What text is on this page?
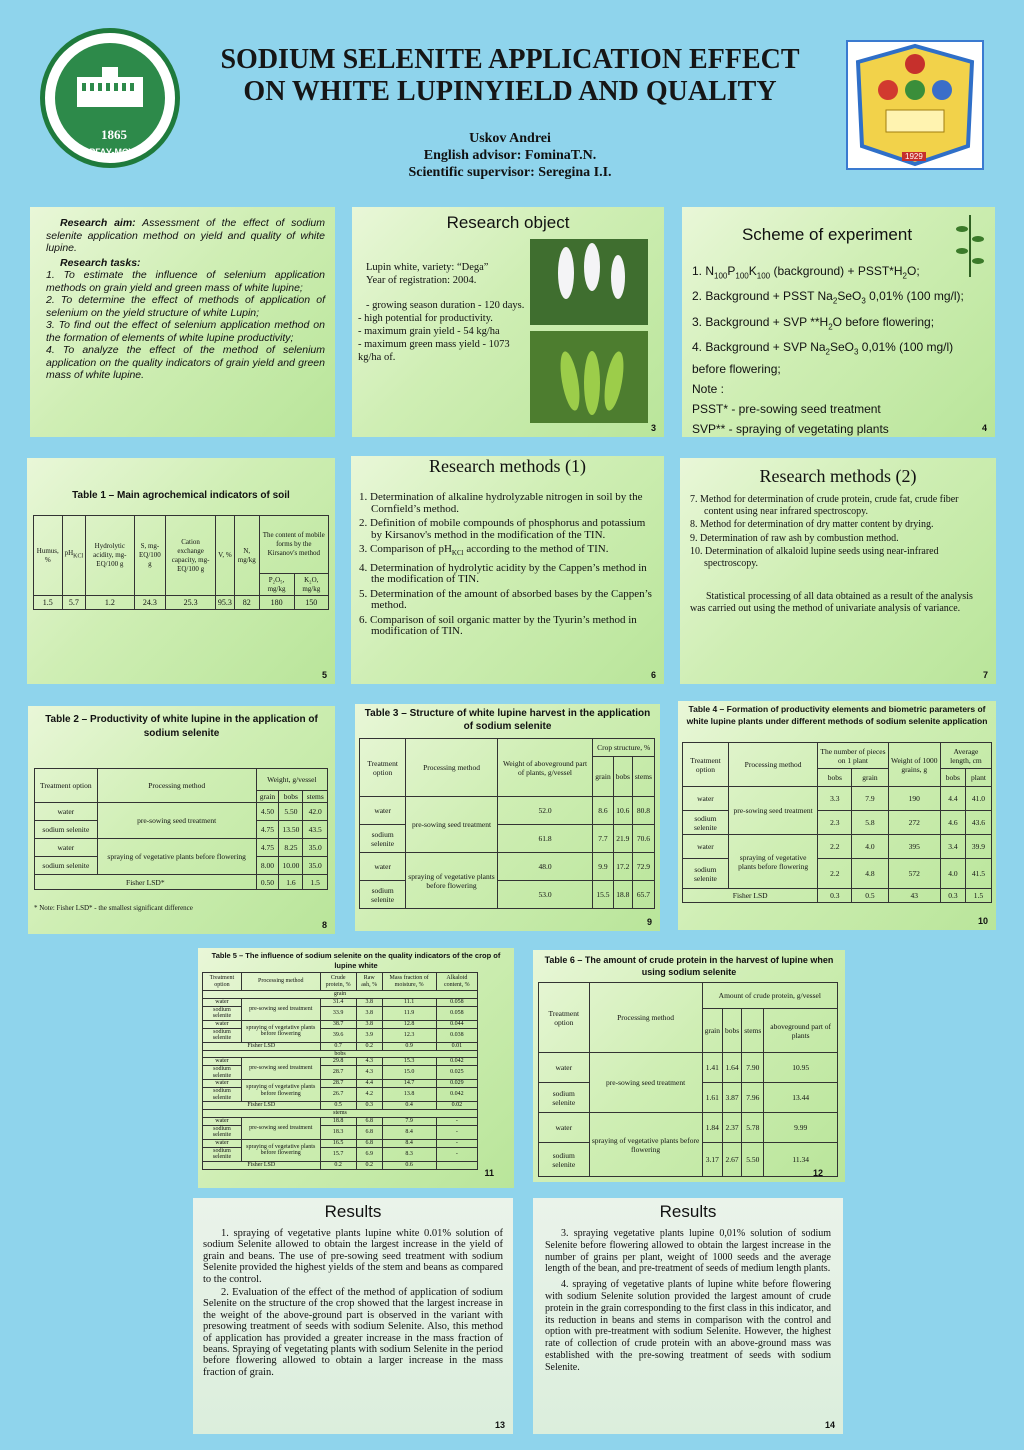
1865
РГАУ-МСХА
SODIUM SELENITE APPLICATION EFFECT
ON WHITE LUPINYIELD AND QUALITY
Uskov Andrei
English advisor: FominaT.N.
Scientific supervisor: Seregina I.I.
1929
Research aim: Assessment of the effect of sodium selenite application method on yield and quality of white lupine.
Research tasks:
1. To estimate the influence of selenium application methods on grain yield and green mass of white lupine;
2. To determine the effect of methods of application of selenium on the yield structure of white Lupin;
3. To find out the effect of selenium application method on the formation of elements of white lupine productivity;
4. To analyze the effect of the method of selenium application on the quality indicators of grain yield and green mass of white lupine.
Research object
Lupin white, variety: “Dega”
Year of registration: 2004.
- growing season duration - 120 days.
- high potential for productivity.
- maximum grain yield - 54 kg/ha
- maximum green mass yield - 1073 kg/ha of.
3
Scheme of experiment
1. $N_{100}P_{100}K_{100}$ (background) + $PSST*H_2O$;
2. Background + PSST $Na_2SeO_3$ 0,01% (100 mg/l);
3. Background + SVP $**H_2O$ before flowering;
4. Background + SVP $Na_2SeO_3$ 0,01% (100 mg/l) before flowering;
Note :
PSST* - pre-sowing seed treatment
SVP** - spraying of vegetating plants	4
Table 1 – Main agrochemical indicators of soil
Humus, %	$pH_{KCl}$	Hydrolytic acidity, mg-EQ/100 g	S, mg-EQ/100 g	Cation exchange capacity, mg-EQ/100 g	V, %	N, mg/kg	The content of mobile forms by the Kirsanov's method	
							P₂O₅, mg/kg	K₂O, mg/kg
1.5	5.7	1.2	24.3	25.3	95.3	82	180	150
5
Research methods (1)
1. Determination of alkaline hydrolyzable nitrogen in soil by the Cornfield’s method.
2. Definition of mobile compounds of phosphorus and potassium by Kirsanov's method in the modification of the TIN.
3. Comparison of $pH_{KCl}$ according to the method of TIN.
4. Determination of hydrolytic acidity by the Cappen’s method in the modification of TIN.
5. Determination of the amount of absorbed bases by the Cappen’s method.
6. Comparison of soil organic matter by the Tyurin’s method in modification of TIN.
6
Research methods (2)
7. Method for determination of crude protein, crude fat, crude fiber content using near infrared spectroscopy.
8. Method for determination of dry matter content by drying.
9. Determination of raw ash by combustion method.
10. Determination of alkaloid lupine seeds using near-infrared spectroscopy.
Statistical processing of all data obtained as a result of the analysis was carried out using the method of univariate analysis of variance.
7
Table 2 – Productivity of white lupine in the application of sodium selenite
Treatment option	Processing method	Weight, g/vessel		
		grain	bobs	stems
water	pre-sowing seed treatment	4.50	5.50	42.0
sodium selenite		4.75	13.50	43.5
water	spraying of vegetative plants before flowering	4.75	8.25	35.0
sodium selenite		8.00	10.00	35.0
Fisher LSD*		0.50	1.6	1.5
* Note: Fisher LSD* - the smallest significant difference
8
Table 3 – Structure of white lupine harvest in the application of sodium selenite
Treatment option	Processing method	Weight of aboveground part of plants, g/vessel	Crop structure, %		
			grain	bobs	stems
water	pre-sowing seed treatment	52.0	8.6	10.6	80.8
sodium selenite		61.8	7.7	21.9	70.6
water	spraying of vegetative plants before flowering	48.0	9.9	17.2	72.9
sodium selenite		53.0	15.5	18.8	65.7
9
Table 4 – Formation of productivity elements and biometric parameters of white lupine plants under different methods of sodium selenite application
Treatment option	Processing method	The number of pieces on 1 plant		Weight of 1000 grains, g	Average length, cm	
		bobs	grain		bobs	plant
water	pre-sowing seed treatment	3.3	7.9	190	4.4	41.0
sodium selenite		2.3	5.8	272	4.6	43.6
water	spraying of vegetative plants before flowering	2.2	4.0	395	3.4	39.9
sodium selenite		2.2	4.8	572	4.0	41.5
Fisher LSD		0.3	0.5	43	0.3	1.5
10
Table 5 – The influence of sodium selenite on the quality indicators of the crop of lupine white
Treatment option	Processing method	Crude protein, %	Raw ash, %	Mass fraction of moisture, %	Alkaloid content, %
grain					
water	pre-sowing seed treatment	31.4	3.8	11.1	0.058
sodium selenite		33.9	3.8	11.9	0.058
water	spraying of vegetative plants before flowering	38.7	3.8	12.8	0.044
sodium selenite		39.6	3.9	12.3	0.038
Fisher LSD		0.7	0.2	0.9	0.01
bobs					
water	pre-sowing seed treatment	29.8	4.3	15.3	0.042
sodium selenite		28.7	4.3	15.0	0.025
water	spraying of vegetative plants before flowering	28.7	4.4	14.7	0.029
sodium selenite		26.7	4.2	13.8	0.042
Fisher LSD		0.5	0.3	0.4	0.02
stems					
water	pre-sowing seed treatment	18.8	6.8	7.9	-
sodium selenite		18.3	6.8	8.4	-
water	spraying of vegetative plants before flowering	16.5	6.8	8.4	-
sodium selenite		15.7	6.9	8.3	-
Fisher LSD		0.2	0.2	0.6	
11
Table 6 – The amount of crude protein in the harvest of lupine when using sodium selenite
Treatment option	Processing method	Amount of crude protein, g/vessel			
		grain	bobs	stems	aboveground part of plants
water	pre-sowing seed treatment	1.41	1.64	7.90	10.95
sodium selenite		1.61	3.87	7.96	13.44
water	spraying of vegetative plants before flowering	1.84	2.37	5.78	9.99
sodium selenite		3.17	2.67	5.50	11.34
12
Results
1. spraying of vegetative plants lupine white 0.01% solution of sodium Selenite allowed to obtain the largest increase in the yield of grain and beans. The use of pre-sowing seed treatment with sodium Selenite provided the highest yields of the stem and beans as compared to the control.
2. Evaluation of the effect of the method of application of sodium Selenite on the structure of the crop showed that the largest increase in the weight of the above-ground part is observed in the variant with presowing treatment of seeds with sodium Selenite. Also, this method of application has provided a greater increase in the mass fraction of beans. Spraying of vegetating plants with sodium Selenite in the period before flowering allowed to obtain a larger increase in the mass fraction of grain.
13
Results
3. spraying vegetative plants lupine 0,01% solution of sodium Selenite before flowering allowed to obtain the largest increase in the number of grains per plant, weight of 1000 seeds and the average length of the bean, and pre-treatment of seeds of medium length plants.
4. spraying of vegetative plants of lupine white before flowering with sodium Selenite solution provided the largest amount of crude protein in the grain corresponding to the first class in this indicator, and its reduction in beans and stems in comparison with the control and option with pre-treatment with sodium Selenite. However, the highest rate of collection of crude protein with an above-ground mass was established with the pre-sowing treatment of seeds with sodium Selenite.
14
